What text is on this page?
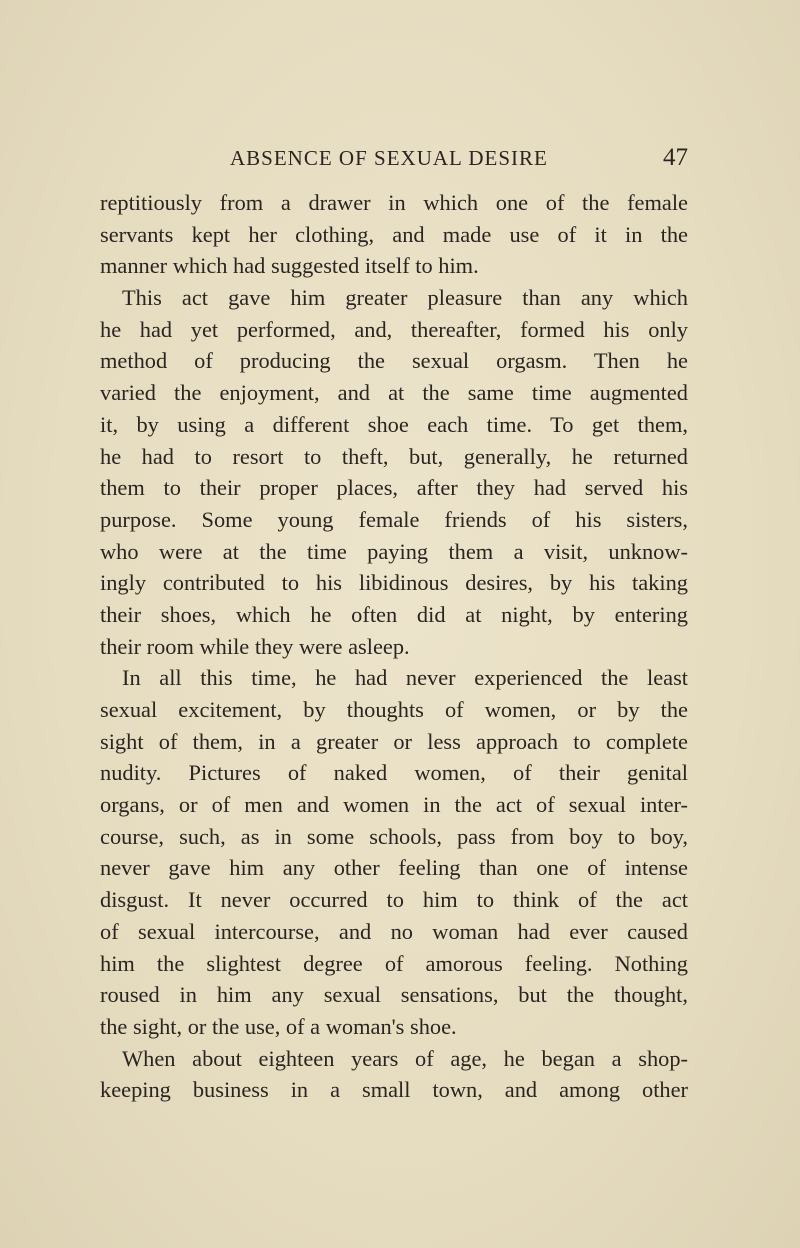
ABSENCE OF SEXUAL DESIRE	47
reptitiously from a drawer in which one of the female
servants kept her clothing, and made use of it in the
manner which had suggested itself to him.
This act gave him greater pleasure than any which
he had yet performed, and, thereafter, formed his only
method of producing the sexual orgasm. Then he
varied the enjoyment, and at the same time augmented
it, by using a different shoe each time. To get them,
he had to resort to theft, but, generally, he returned
them to their proper places, after they had served his
purpose. Some young female friends of his sisters,
who were at the time paying them a visit, unknow-
ingly contributed to his libidinous desires, by his taking
their shoes, which he often did at night, by entering
their room while they were asleep.
In all this time, he had never experienced the least
sexual excitement, by thoughts of women, or by the
sight of them, in a greater or less approach to complete
nudity. Pictures of naked women, of their genital
organs, or of men and women in the act of sexual inter-
course, such, as in some schools, pass from boy to boy,
never gave him any other feeling than one of intense
disgust. It never occurred to him to think of the act
of sexual intercourse, and no woman had ever caused
him the slightest degree of amorous feeling. Nothing
roused in him any sexual sensations, but the thought,
the sight, or the use, of a woman's shoe.
When about eighteen years of age, he began a shop-
keeping business in a small town, and among other
